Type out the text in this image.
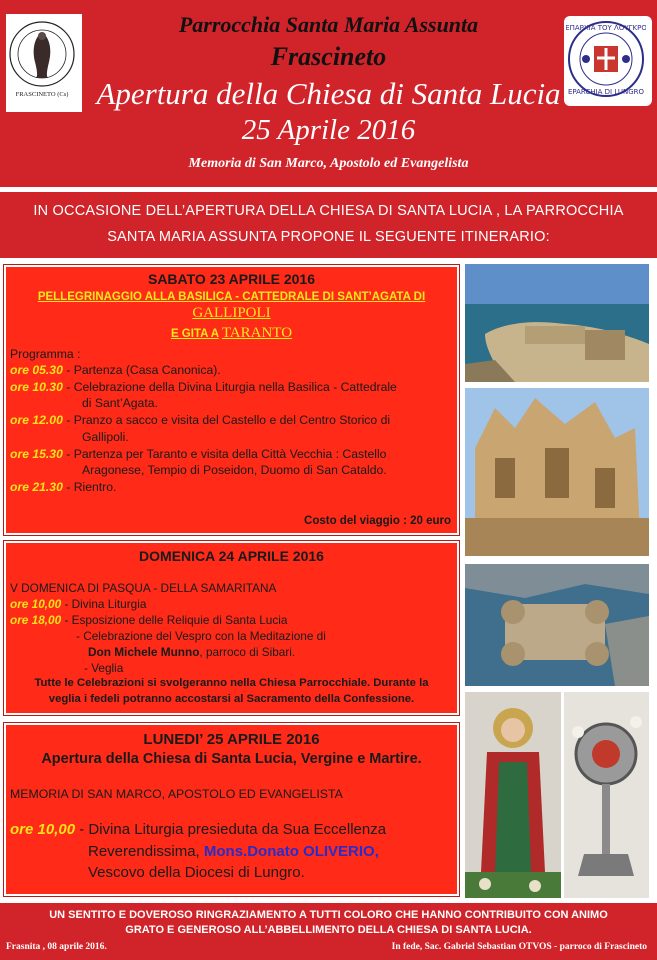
FRASCINETO (Cs)
ΕΠΑΡΧΙΑ ΤΟΥ ΛΟΥΓΚΡΟ
EPARCHIA DI LUNGRO
Parrocchia Santa Maria Assunta
Frascineto
Apertura della Chiesa di Santa Lucia
25 Aprile 2016
Memoria di San Marco, Apostolo ed Evangelista
IN OCCASIONE DELL’APERTURA DELLA CHIESA DI SANTA LUCIA , LA PARROCCHIA
SANTA MARIA ASSUNTA PROPONE IL SEGUENTE ITINERARIO:
SABATO 23 APRILE 2016
PELLEGRINAGGIO ALLA BASILICA - CATTEDRALE DI SANT’AGATA DI
GALLIPOLI
E GITA A TARANTO
Programma :
ore 05.30 - Partenza (Casa Canonica).
ore 10.30 - Celebrazione della Divina Liturgia nella Basilica - Cattedrale
di Sant’Agata.
ore 12.00 - Pranzo a sacco e visita del Castello e del Centro Storico di
Gallipoli.
ore 15.30 - Partenza per Taranto e visita della Città Vecchia : Castello
Aragonese, Tempio di Poseidon, Duomo di San Cataldo.
ore 21.30 - Rientro.
Costo del viaggio : 20 euro
DOMENICA 24 APRILE 2016
V DOMENICA DI PASQUA - DELLA SAMARITANA
ore 10,00 - Divina Liturgia
ore 18,00 - Esposizione delle Reliquie di Santa Lucia
- Celebrazione del Vespro con la Meditazione di
Don Michele Munno, parroco di Sibari.
- Veglia
Tutte le Celebrazioni si svolgeranno nella Chiesa Parrocchiale. Durante la
veglia i fedeli potranno accostarsi al Sacramento della Confessione.
LUNEDI’ 25 APRILE 2016
Apertura della Chiesa di Santa Lucia, Vergine e Martire.
MEMORIA DI SAN MARCO, APOSTOLO ED EVANGELISTA
ore 10,00 - Divina Liturgia presieduta da Sua Eccellenza
Reverendissima, Mons.Donato OLIVERIO,
Vescovo della Diocesi di Lungro.
UN SENTITO E DOVEROSO RINGRAZIAMENTO A TUTTI COLORO CHE HANNO CONTRIBUITO CON ANIMO
GRATO E GENEROSO ALL’ABBELLIMENTO DELLA CHIESA DI SANTA LUCIA.
Frasnita , 08 aprile 2016.	In fede, Sac. Gabriel Sebastian OTVOS - parroco di Frascineto
